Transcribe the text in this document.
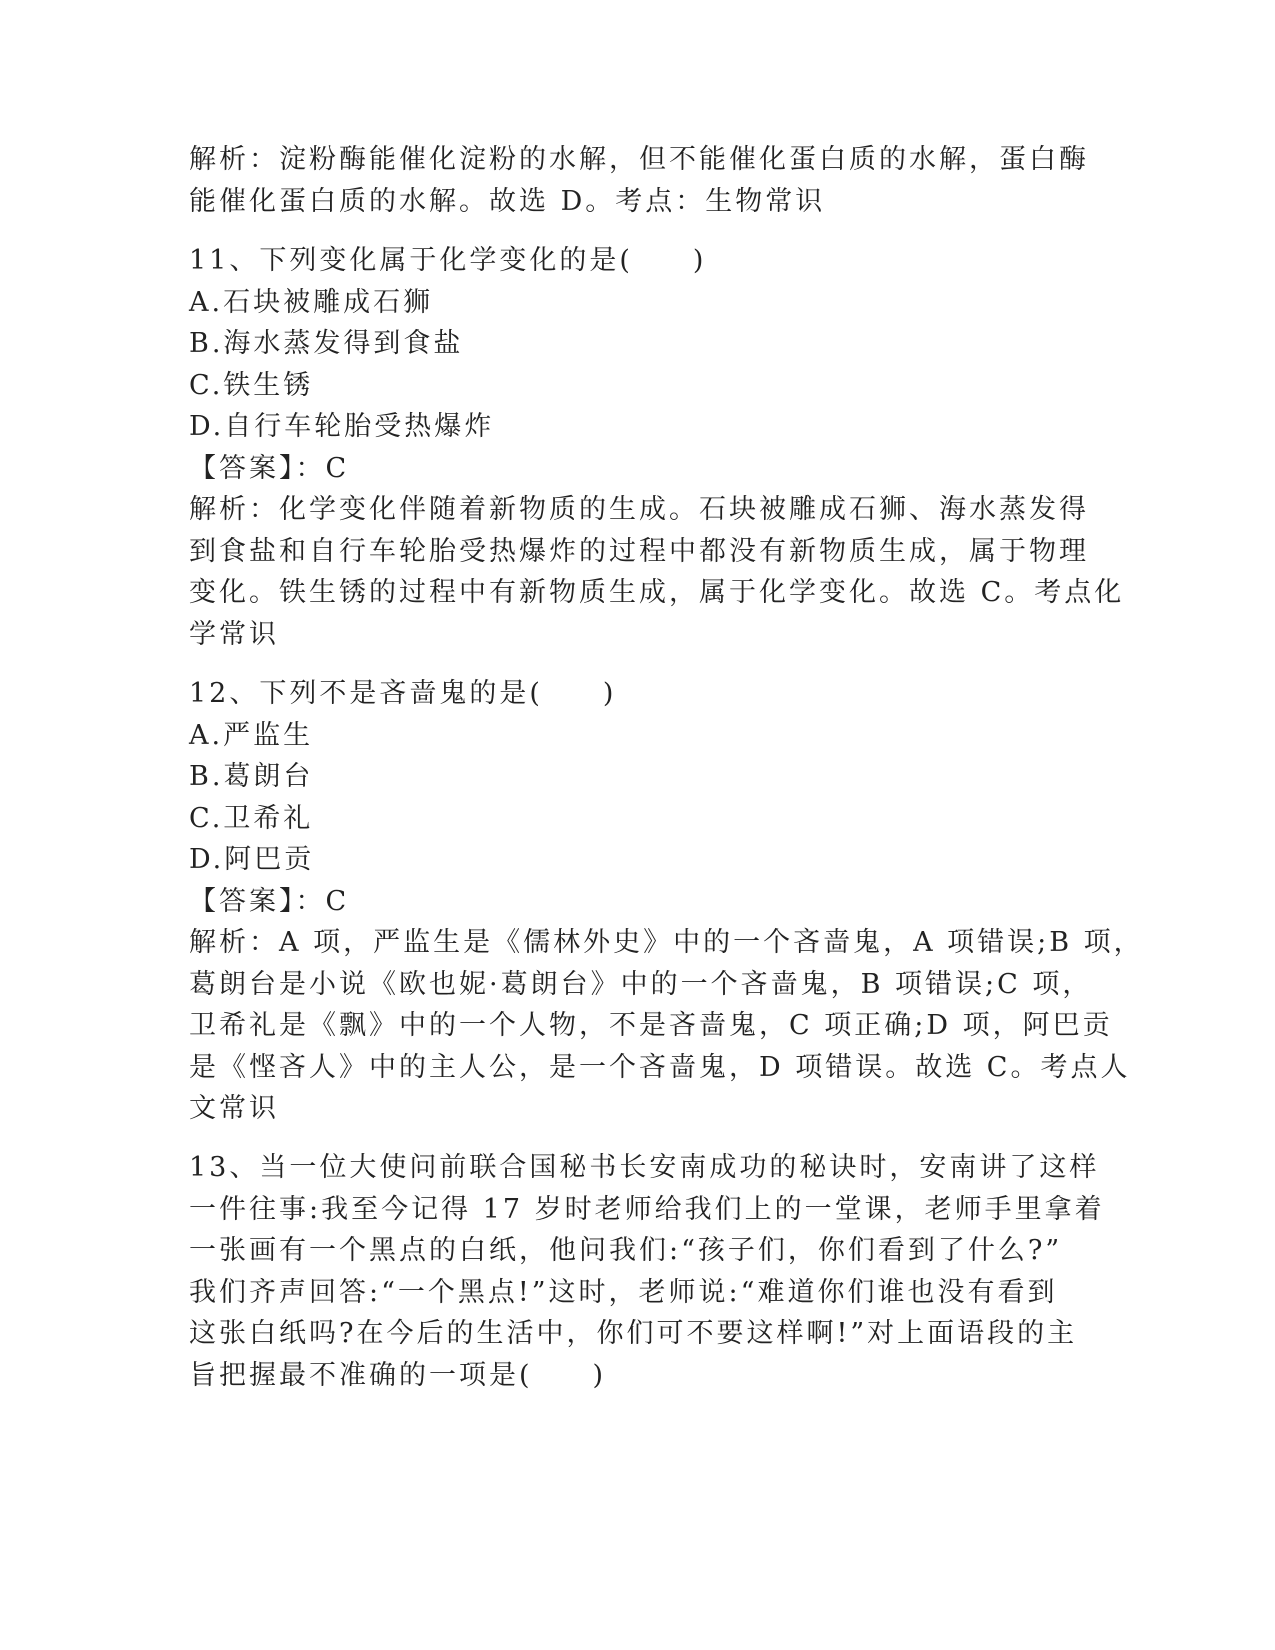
解析：淀粉酶能催化淀粉的水解，但不能催化蛋白质的水解，蛋白酶
能催化蛋白质的水解。故选 D。考点：生物常识
11、下列变化属于化学变化的是(　　)
A.石块被雕成石狮
B.海水蒸发得到食盐
C.铁生锈
D.自行车轮胎受热爆炸
【答案】：C
解析：化学变化伴随着新物质的生成。石块被雕成石狮、海水蒸发得
到食盐和自行车轮胎受热爆炸的过程中都没有新物质生成，属于物理
变化。铁生锈的过程中有新物质生成，属于化学变化。故选 C。考点化
学常识
12、下列不是吝啬鬼的是(　　)
A.严监生
B.葛朗台
C.卫希礼
D.阿巴贡
【答案】：C
解析：A 项，严监生是《儒林外史》中的一个吝啬鬼，A 项错误;B 项，
葛朗台是小说《欧也妮·葛朗台》中的一个吝啬鬼，B 项错误;C 项，
卫希礼是《飘》中的一个人物，不是吝啬鬼，C 项正确;D 项，阿巴贡
是《悭吝人》中的主人公，是一个吝啬鬼，D 项错误。故选 C。考点人
文常识
13、当一位大使问前联合国秘书长安南成功的秘诀时，安南讲了这样
一件往事:我至今记得 17 岁时老师给我们上的一堂课，老师手里拿着
一张画有一个黑点的白纸，他问我们:“孩子们，你们看到了什么?”
我们齐声回答:“一个黑点!”这时，老师说:“难道你们谁也没有看到
这张白纸吗?在今后的生活中，你们可不要这样啊!”对上面语段的主
旨把握最不准确的一项是(　　)
